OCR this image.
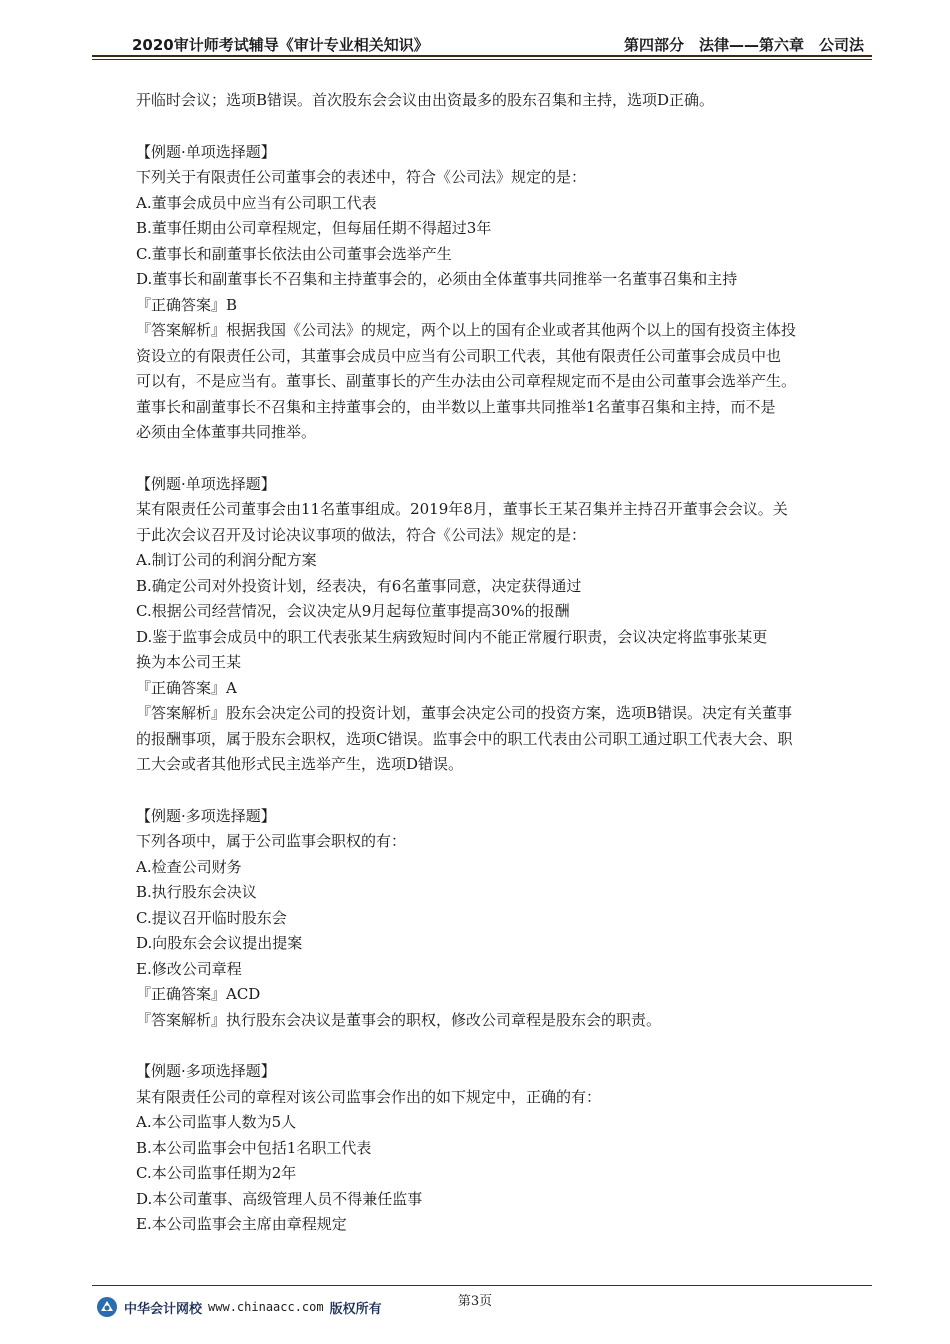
2020审计师考试辅导《审计专业相关知识》	第四部分　法律——第六章　公司法

开临时会议；选项B错误。首次股东会会议由出资最多的股东召集和主持，选项D正确。

【例题·单项选择题】

下列关于有限责任公司董事会的表述中，符合《公司法》规定的是：

A.董事会成员中应当有公司职工代表

B.董事任期由公司章程规定，但每届任期不得超过3年

C.董事长和副董事长依法由公司董事会选举产生

D.董事长和副董事长不召集和主持董事会的，必须由全体董事共同推举一名董事召集和主持

『正确答案』B

『答案解析』根据我国《公司法》的规定，两个以上的国有企业或者其他两个以上的国有投资主体投

资设立的有限责任公司，其董事会成员中应当有公司职工代表，其他有限责任公司董事会成员中也

可以有，不是应当有。董事长、副董事长的产生办法由公司章程规定而不是由公司董事会选举产生。

董事长和副董事长不召集和主持董事会的，由半数以上董事共同推举1名董事召集和主持，而不是

必须由全体董事共同推举。

【例题·单项选择题】

某有限责任公司董事会由11名董事组成。2019年8月，董事长王某召集并主持召开董事会会议。关

于此次会议召开及讨论决议事项的做法，符合《公司法》规定的是：

A.制订公司的利润分配方案

B.确定公司对外投资计划，经表决，有6名董事同意，决定获得通过

C.根据公司经营情况，会议决定从9月起每位董事提高30%的报酬

D.鉴于监事会成员中的职工代表张某生病致短时间内不能正常履行职责，会议决定将监事张某更

换为本公司王某

『正确答案』A

『答案解析』股东会决定公司的投资计划，董事会决定公司的投资方案，选项B错误。决定有关董事

的报酬事项，属于股东会职权，选项C错误。监事会中的职工代表由公司职工通过职工代表大会、职

工大会或者其他形式民主选举产生，选项D错误。

【例题·多项选择题】

下列各项中，属于公司监事会职权的有：

A.检查公司财务

B.执行股东会决议

C.提议召开临时股东会

D.向股东会会议提出提案

E.修改公司章程

『正确答案』ACD

『答案解析』执行股东会决议是董事会的职权，修改公司章程是股东会的职责。

【例题·多项选择题】

某有限责任公司的章程对该公司监事会作出的如下规定中，正确的有：

A.本公司监事人数为5人

B.本公司监事会中包括1名职工代表

C.本公司监事任期为2年

D.本公司董事、高级管理人员不得兼任监事

E.本公司监事会主席由章程规定

第3页
中华会计网校 www.chinaacc.com 版权所有
